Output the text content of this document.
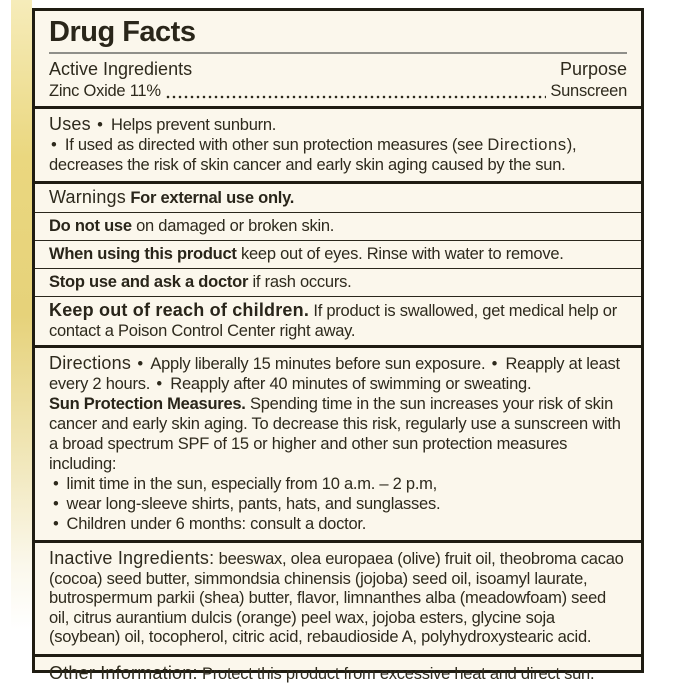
Drug Facts
Active Ingredients	Purpose
Zinc Oxide 11%	Sunscreen

Uses • Helps prevent sunburn.

• If used as directed with other sun protection measures (see Directions), decreases the risk of skin cancer and early skin aging caused by the sun.

Warnings For external use only.
Do not use on damaged or broken skin.
When using this product keep out of eyes. Rinse with water to remove.
Stop use and ask a doctor if rash occurs.
Keep out of reach of children. If product is swallowed, get medical help or contact a Poison Control Center right away.

Directions • Apply liberally 15 minutes before sun exposure. • Reapply at least every 2 hours. • Reapply after 40 minutes of swimming or sweating.

Sun Protection Measures. Spending time in the sun increases your risk of skin cancer and early skin aging. To decrease this risk, regularly use a sunscreen with a broad spectrum SPF of 15 or higher and other sun protection measures including:

• limit time in the sun, especially from 10 a.m. – 2 p.m,
• wear long-sleeve shirts, pants, hats, and sunglasses.
• Children under 6 months: consult a doctor.

Inactive Ingredients: beeswax, olea europaea (olive) fruit oil, theobroma cacao (cocoa) seed butter, simmondsia chinensis (jojoba) seed oil, isoamyl laurate, butrospermum parkii (shea) butter, flavor, limnanthes alba (meadowfoam) seed oil, citrus aurantium dulcis (orange) peel wax, jojoba esters, glycine soja (soybean) oil, tocopherol, citric acid, rebaudioside A, polyhydroxystearic acid.

Other Information: Protect this product from excessive heat and direct sun.
